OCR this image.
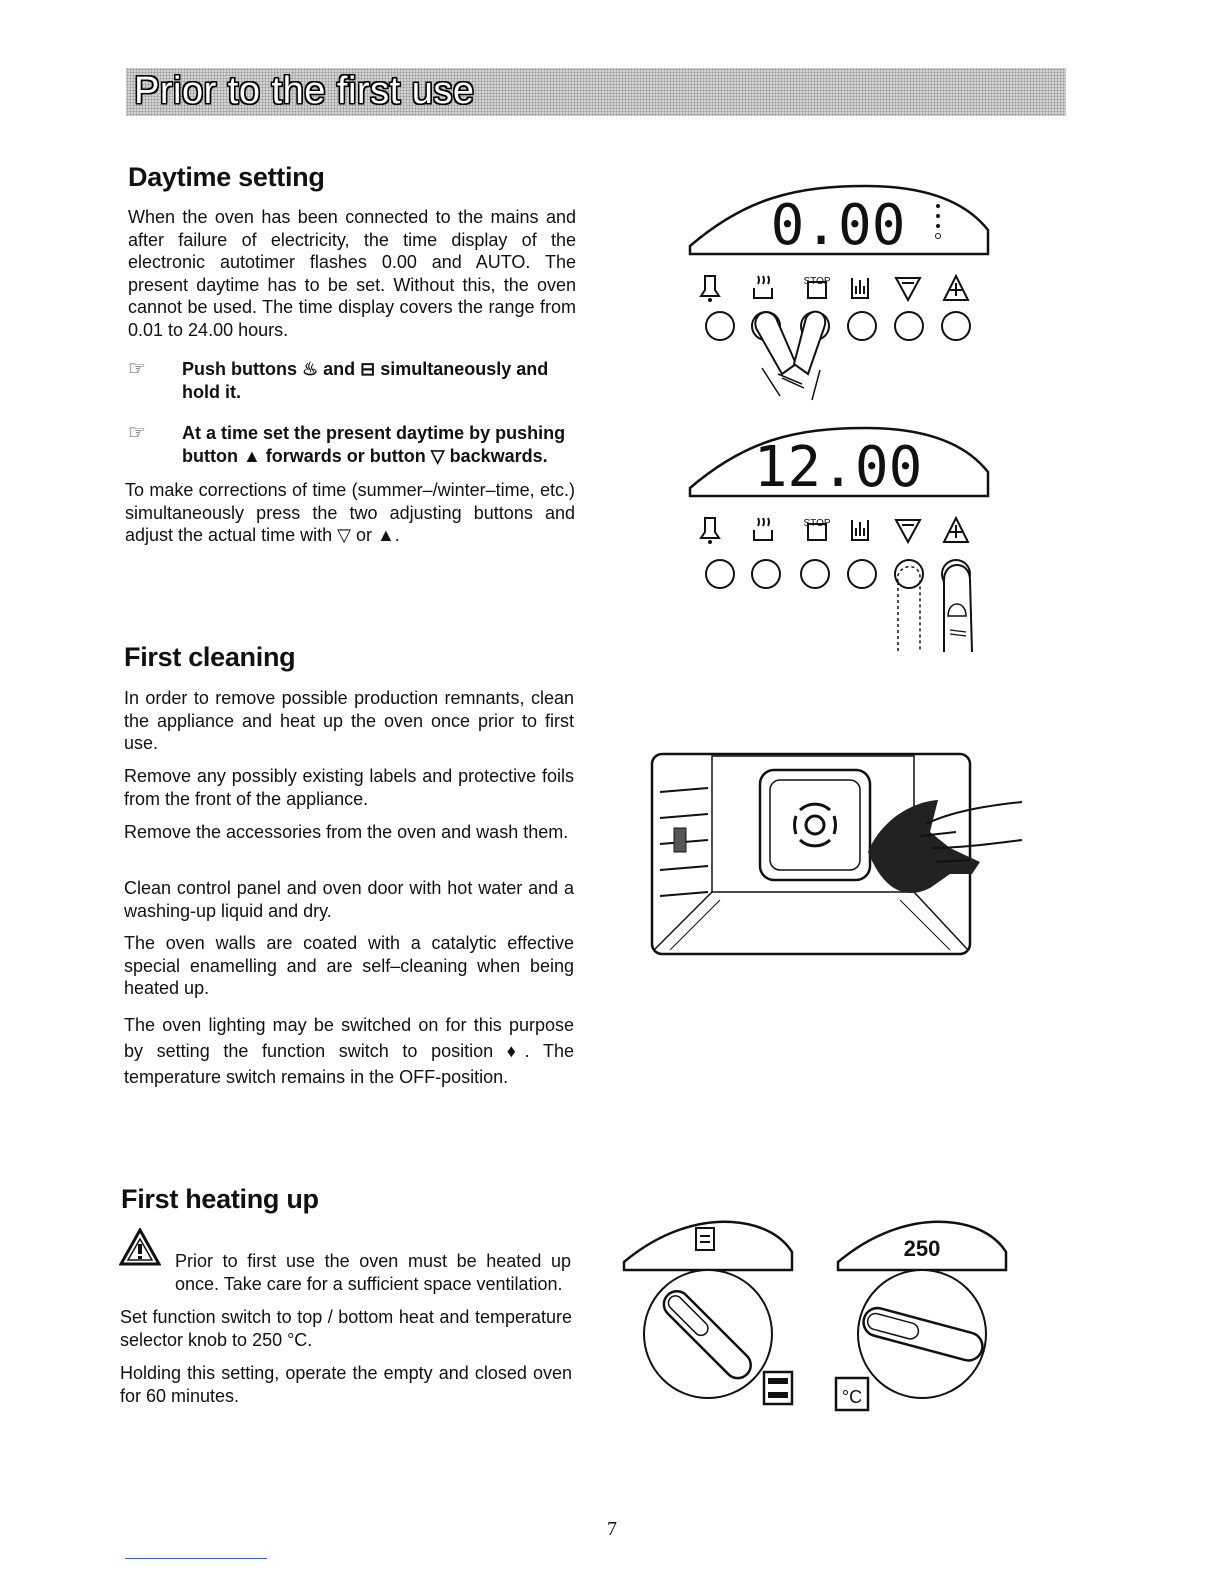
Prior to the first use
Daytime setting

When the oven has been connected to the mains and after failure of electricity, the time display of the electronic autotimer flashes 0.00 and AUTO. The present daytime has to be set. Without this, the oven cannot be used. The time display covers the range from 0.01 to 24.00 hours.

☞ Push buttons ♨ and ⊟ simultaneously and hold it.
☞ At a time set the present daytime by pushing button ▲ forwards or button ▽ backwards.

To make corrections of time (summer–/winter–time, etc.) simultaneously press the two adjusting buttons and adjust the actual time with ▽ or ▲.

First cleaning

In order to remove possible production remnants, clean the appliance and heat up the oven once prior to first use.

Remove any possibly existing labels and protective foils from the front of the appliance.

Remove the accessories from the oven and wash them.

Clean control panel and oven door with hot water and a washing-up liquid and dry.

The oven walls are coated with a catalytic effective special enamelling and are self–cleaning when being heated up.

The oven lighting may be switched on for this purpose by setting the function switch to position ♦. The temperature switch remains in the OFF-position.

First heating up

Prior to first use the oven must be heated up once. Take care for a sufficient space ventilation.

Set function switch to top / bottom heat and temperature selector knob to 250 °C.

Holding this setting, operate the empty and closed oven for 60 minutes.

0.00
STOP
12.00
STOP
250
°C
7
